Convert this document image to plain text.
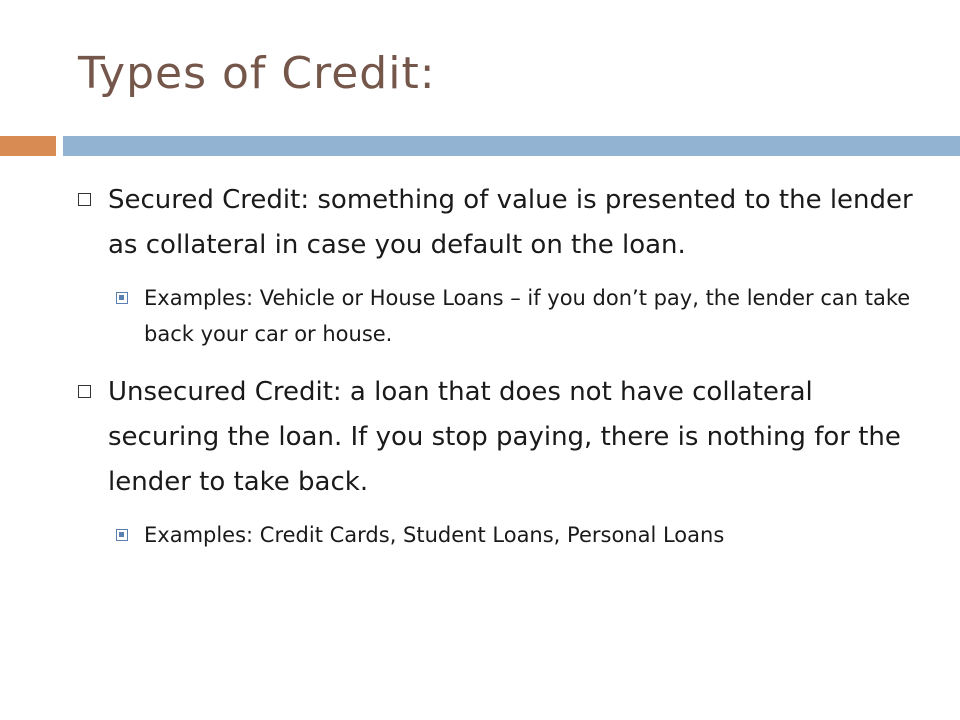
Types of Credit:
Secured Credit: something of value is presented to the lender as collateral in case you default on the loan.
Examples: Vehicle or House Loans – if you don’t pay, the lender can take back your car or house.
Unsecured Credit: a loan that does not have collateral securing the loan. If you stop paying, there is nothing for the lender to take back.
Examples: Credit Cards, Student Loans, Personal Loans
